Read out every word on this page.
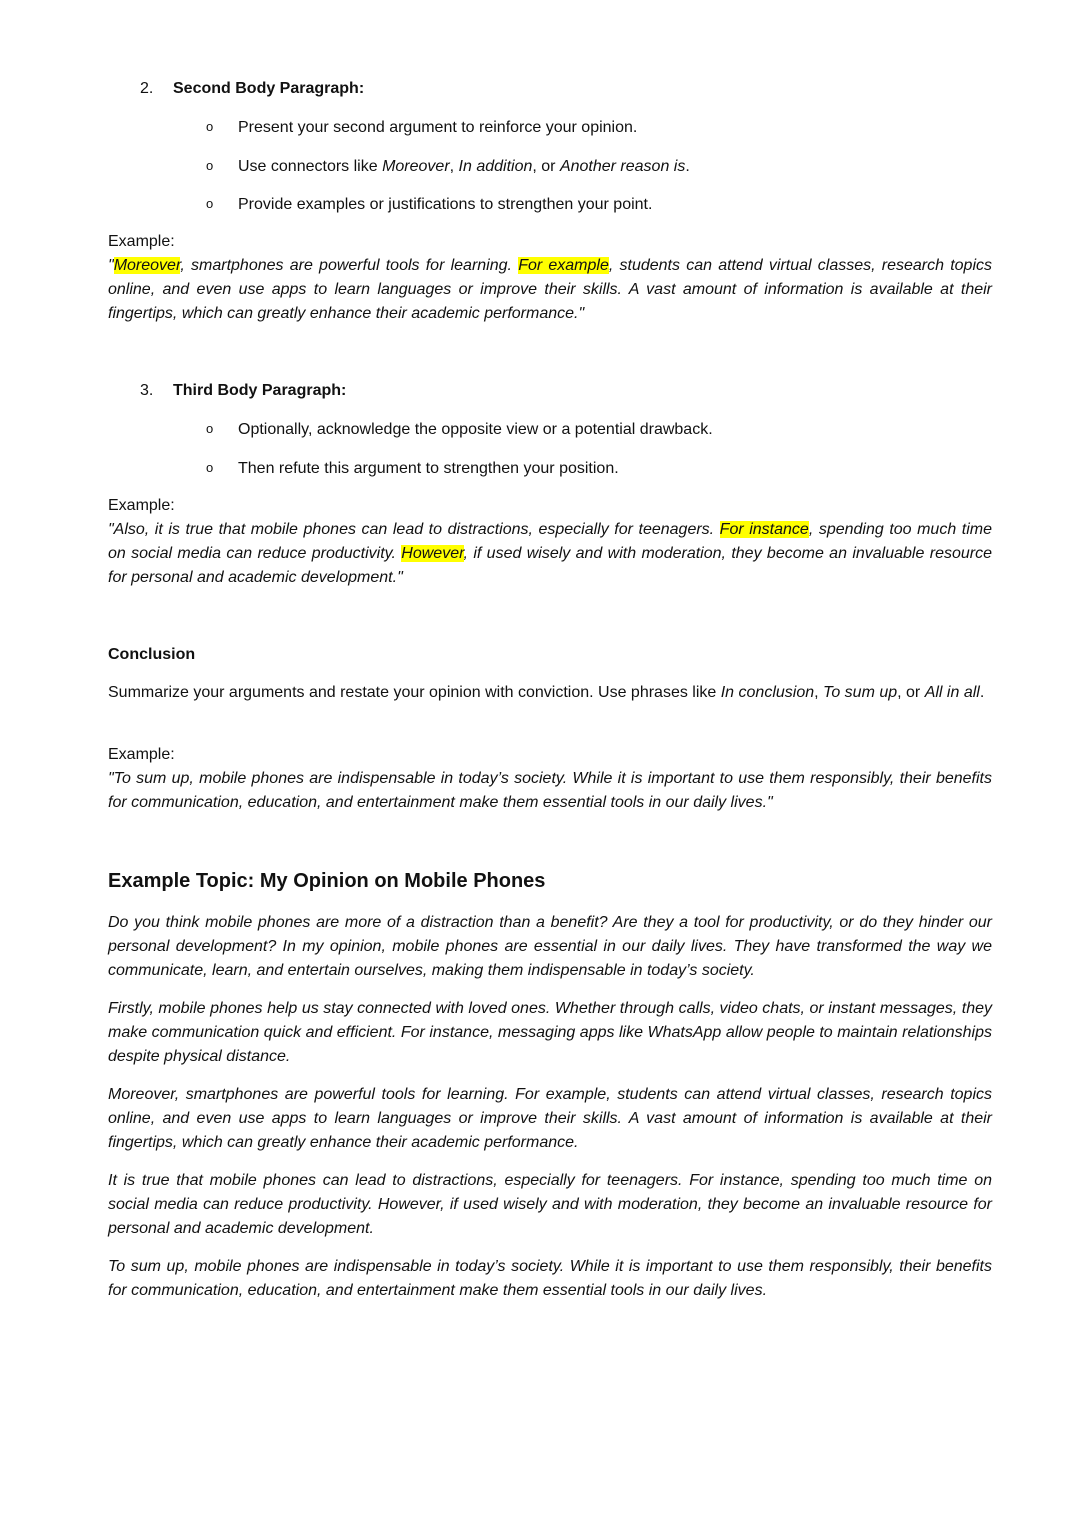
2. Second Body Paragraph:
o Present your second argument to reinforce your opinion.
o Use connectors like Moreover, In addition, or Another reason is.
o Provide examples or justifications to strengthen your point.
Example:
"Moreover, smartphones are powerful tools for learning. For example, students can attend virtual classes, research topics online, and even use apps to learn languages or improve their skills. A vast amount of information is available at their fingertips, which can greatly enhance their academic performance."
3. Third Body Paragraph:
o Optionally, acknowledge the opposite view or a potential drawback.
o Then refute this argument to strengthen your position.
Example:
"Also, it is true that mobile phones can lead to distractions, especially for teenagers. For instance, spending too much time on social media can reduce productivity. However, if used wisely and with moderation, they become an invaluable resource for personal and academic development."
Conclusion
Summarize your arguments and restate your opinion with conviction. Use phrases like In conclusion, To sum up, or All in all.
Example:
"To sum up, mobile phones are indispensable in today’s society. While it is important to use them responsibly, their benefits for communication, education, and entertainment make them essential tools in our daily lives."
Example Topic: My Opinion on Mobile Phones
Do you think mobile phones are more of a distraction than a benefit? Are they a tool for productivity, or do they hinder our personal development? In my opinion, mobile phones are essential in our daily lives. They have transformed the way we communicate, learn, and entertain ourselves, making them indispensable in today’s society.
Firstly, mobile phones help us stay connected with loved ones. Whether through calls, video chats, or instant messages, they make communication quick and efficient. For instance, messaging apps like WhatsApp allow people to maintain relationships despite physical distance.
Moreover, smartphones are powerful tools for learning. For example, students can attend virtual classes, research topics online, and even use apps to learn languages or improve their skills. A vast amount of information is available at their fingertips, which can greatly enhance their academic performance.
It is true that mobile phones can lead to distractions, especially for teenagers. For instance, spending too much time on social media can reduce productivity. However, if used wisely and with moderation, they become an invaluable resource for personal and academic development.
To sum up, mobile phones are indispensable in today’s society. While it is important to use them responsibly, their benefits for communication, education, and entertainment make them essential tools in our daily lives.
